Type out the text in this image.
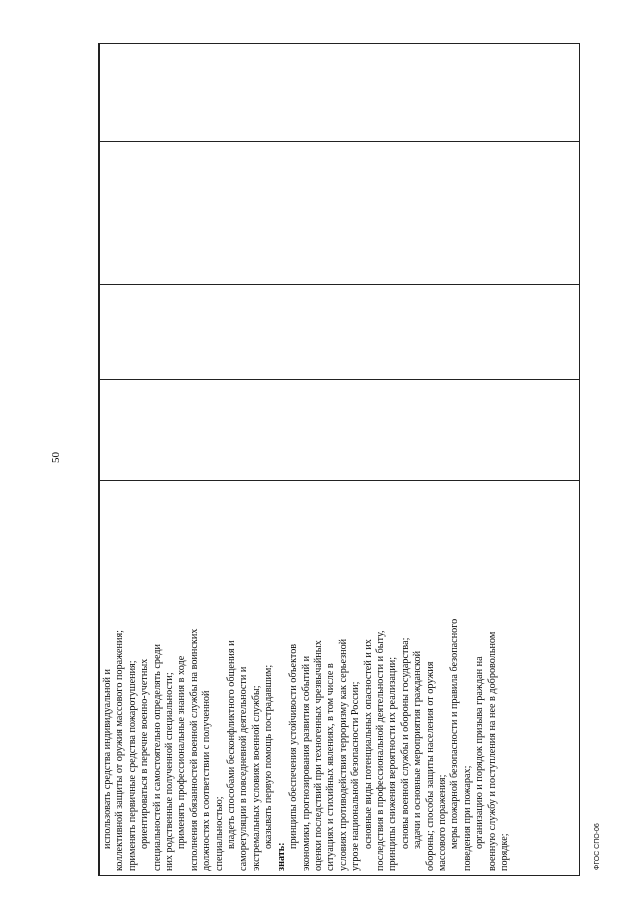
50
использовать средства индивидуальной и коллективной защиты от оружия массового поражения; применять первичные средства пожаротушения; ориентироваться в перечне военно-учетных специальностей и самостоятельно определять среди них родственные полученной специальности; применять профессиональные знания в ходе исполнения обязанностей военной службы на воинских должностях в соответствии с полученной специальностью; владеть способами бесконфликтного общения и саморегуляции в повседневной деятельности и экстремальных условиях военной службы; оказывать первую помощь пострадавшим;
знать:
принципы обеспечения устойчивости объектов экономики, прогнозирования развития событий и оценки последствий при техногенных чрезвычайных ситуациях и стихийных явлениях, в том числе в условиях противодействия терроризму как серьезной угрозе национальной безопасности России; основные виды потенциальных опасностей и их последствия в профессиональной деятельности и быту, принципы снижения вероятности их реализации; основы военной службы и обороны государства; задачи и основные мероприятия гражданской обороны; способы защиты населения от оружия массового поражения; меры пожарной безопасности и правила безопасного поведения при пожарах; организацию и порядок призыва граждан на военную службу и поступления на нее в добровольном порядке;	ФГОС СПО-06
